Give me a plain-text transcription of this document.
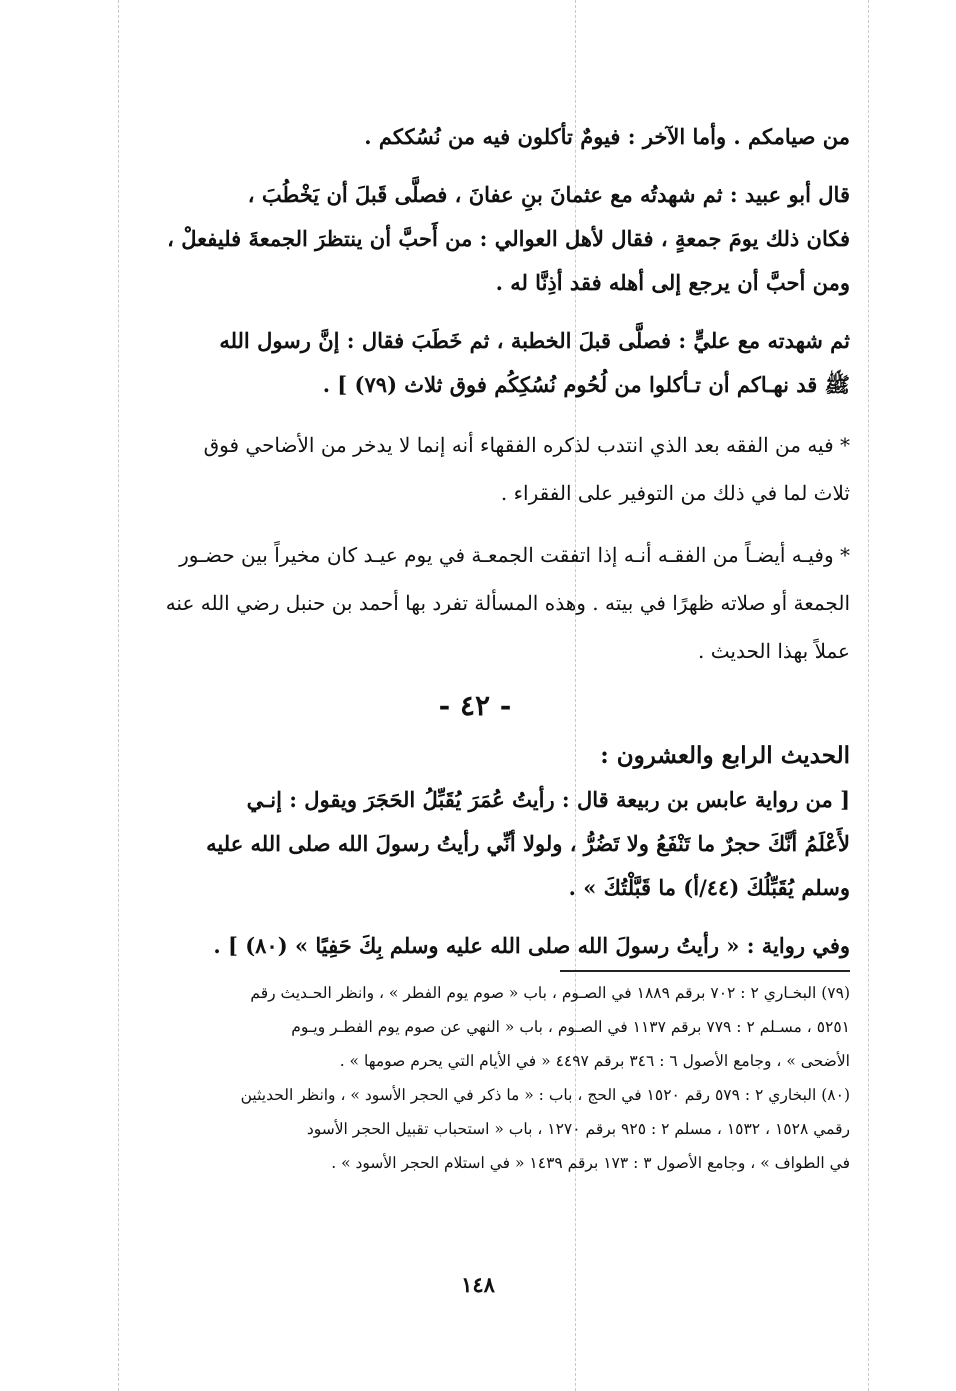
من صيامكم . وأما الآخر : فيومٌ تأكلون فيه من نُسُككم .
قال أبو عبيد : ثم شهدتُه مع عثمانَ بنِ عفانَ ، فصلَّى قَبلَ أن يَخْطُبَ ،
فكان ذلك يومَ جمعةٍ ، فقال لأهل العوالي : من أَحبَّ أن ينتظرَ الجمعةَ فليفعلْ ،
ومن أحبَّ أن يرجع إلى أهله فقد أذِنَّا له .
ثم شهدته مع عليٍّ : فصلَّى قبلَ الخطبة ، ثم خَطَبَ فقال : إنَّ رسول الله
ﷺ قد نهـاكم أن تـأكلوا من لُحُوم نُسُكِكُم فوق ثلاث (٧٩) ] .
* فيه من الفقه بعد الذي انتدب لذكره الفقهاء أنه إنما لا يدخر من الأضاحي فوق
ثلاث لما في ذلك من التوفير على الفقراء .
* وفيـه أيضـاً من الفقـه أنـه إذا اتفقت الجمعـة في يوم عيـد كان مخيراً بين حضـور
الجمعة أو صلاته ظهرًا في بيته . وهذه المسألة تفرد بها أحمد بن حنبل رضي الله عنه
عملاً بهذا الحديث .
- ٤٢ -
الحديث الرابع والعشرون :
[ من رواية عابس بن ربيعة قال : رأيتُ عُمَرَ يُقَبِّلُ الحَجَرَ ويقول : إنـي
لأَعْلَمُ أنَّكَ حجرٌ ما تَنْفَعُ ولا تَضُرُّ ، ولولا أنِّي رأيتُ رسولَ الله صلى الله عليه
وسلم يُقَبِّلُكَ (٤٤/أ) ما قَبَّلْتُكَ » .
وفي رواية : « رأيتُ رسولَ الله صلى الله عليه وسلم بِكَ حَفِيًا » (٨٠) ] .
(٧٩) البخـاري ٢ : ٧٠٢ برقم ١٨٨٩ في الصـوم ، باب « صوم يوم الفطر » ، وانظر الحـديث رقم
٥٢٥١ ، مسـلم ٢ : ٧٧٩ برقم ١١٣٧ في الصـوم ، باب « النهي عن صوم يوم الفطـر ويـوم
الأضحى » ، وجامع الأصول ٦ : ٣٤٦ برقم ٤٤٩٧ « في الأيام التي يحرم صومها » .
(٨٠) البخاري ٢ : ٥٧٩ رقم ١٥٢٠ في الحج ، باب : « ما ذكر في الحجر الأسود » ، وانظر الحديثين
رقمي ١٥٢٨ ، ١٥٣٢ ، مسلم ٢ : ٩٢٥ برقم ١٢٧٠ ، باب « استحباب تقبيل الحجر الأسود
في الطواف » ، وجامع الأصول ٣ : ١٧٣ برقم ١٤٣٩ « في استلام الحجر الأسود » .
١٤٨
